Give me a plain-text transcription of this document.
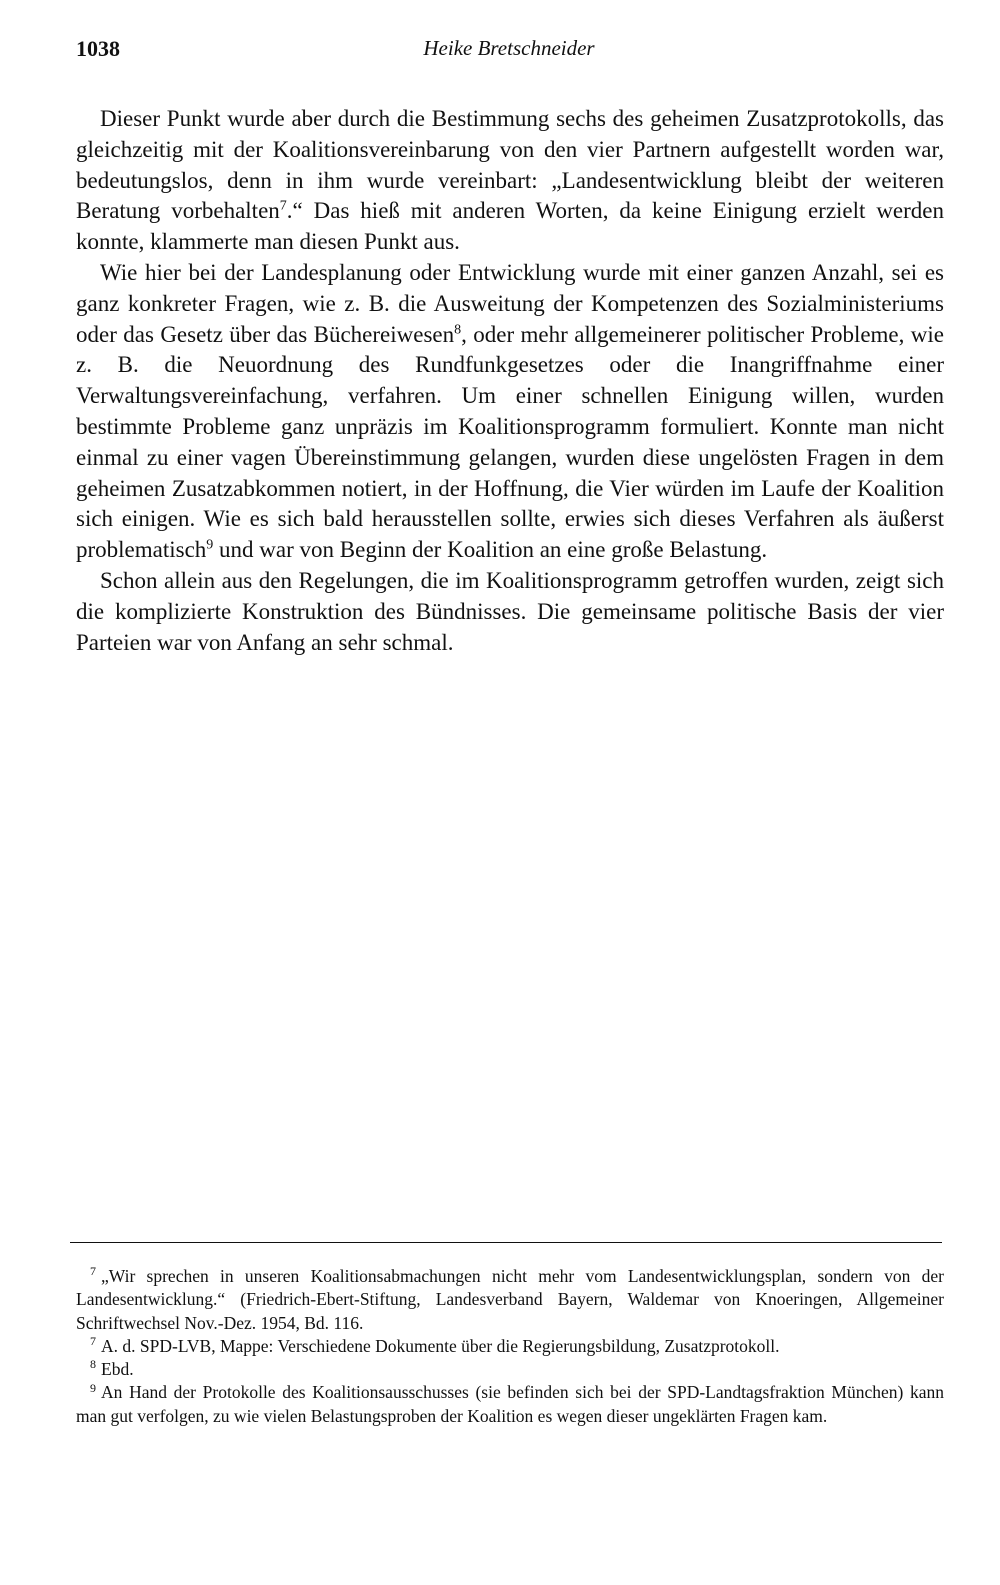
1038	Heike Bretschneider

Dieser Punkt wurde aber durch die Bestimmung sechs des geheimen Zusatzprotokolls, das gleichzeitig mit der Koalitionsvereinbarung von den vier Partnern aufgestellt worden war, bedeutungslos, denn in ihm wurde vereinbart: „Landesentwicklung bleibt der weiteren Beratung vorbehalten$^7$.“ Das hieß mit anderen Worten, da keine Einigung erzielt werden konnte, klammerte man diesen Punkt aus.

Wie hier bei der Landesplanung oder Entwicklung wurde mit einer ganzen Anzahl, sei es ganz konkreter Fragen, wie z. B. die Ausweitung der Kompetenzen des Sozialministeriums oder das Gesetz über das Büchereiwesen$^8$, oder mehr allgemeinerer politischer Probleme, wie z. B. die Neuordnung des Rundfunkgesetzes oder die Inangriffnahme einer Verwaltungsvereinfachung, verfahren. Um einer schnellen Einigung willen, wurden bestimmte Probleme ganz unpräzis im Koalitionsprogramm formuliert. Konnte man nicht einmal zu einer vagen Übereinstimmung gelangen, wurden diese ungelösten Fragen in dem geheimen Zusatzabkommen notiert, in der Hoffnung, die Vier würden im Laufe der Koalition sich einigen. Wie es sich bald herausstellen sollte, erwies sich dieses Verfahren als äußerst problematisch$^9$ und war von Beginn der Koalition an eine große Belastung.

Schon allein aus den Regelungen, die im Koalitionsprogramm getroffen wurden, zeigt sich die komplizierte Konstruktion des Bündnisses. Die gemeinsame politische Basis der vier Parteien war von Anfang an sehr schmal.

$^7$ „Wir sprechen in unseren Koalitionsabmachungen nicht mehr vom Landesentwicklungsplan, sondern von der Landesentwicklung.“ (Friedrich-Ebert-Stiftung, Landesverband Bayern, Waldemar von Knoeringen, Allgemeiner Schriftwechsel Nov.-Dez. 1954, Bd. 116.

$^7$ A. d. SPD-LVB, Mappe: Verschiedene Dokumente über die Regierungsbildung, Zusatzprotokoll.

$^8$ Ebd.

$^9$ An Hand der Protokolle des Koalitionsausschusses (sie befinden sich bei der SPD-Landtagsfraktion München) kann man gut verfolgen, zu wie vielen Belastungsproben der Koalition es wegen dieser ungeklärten Fragen kam.
